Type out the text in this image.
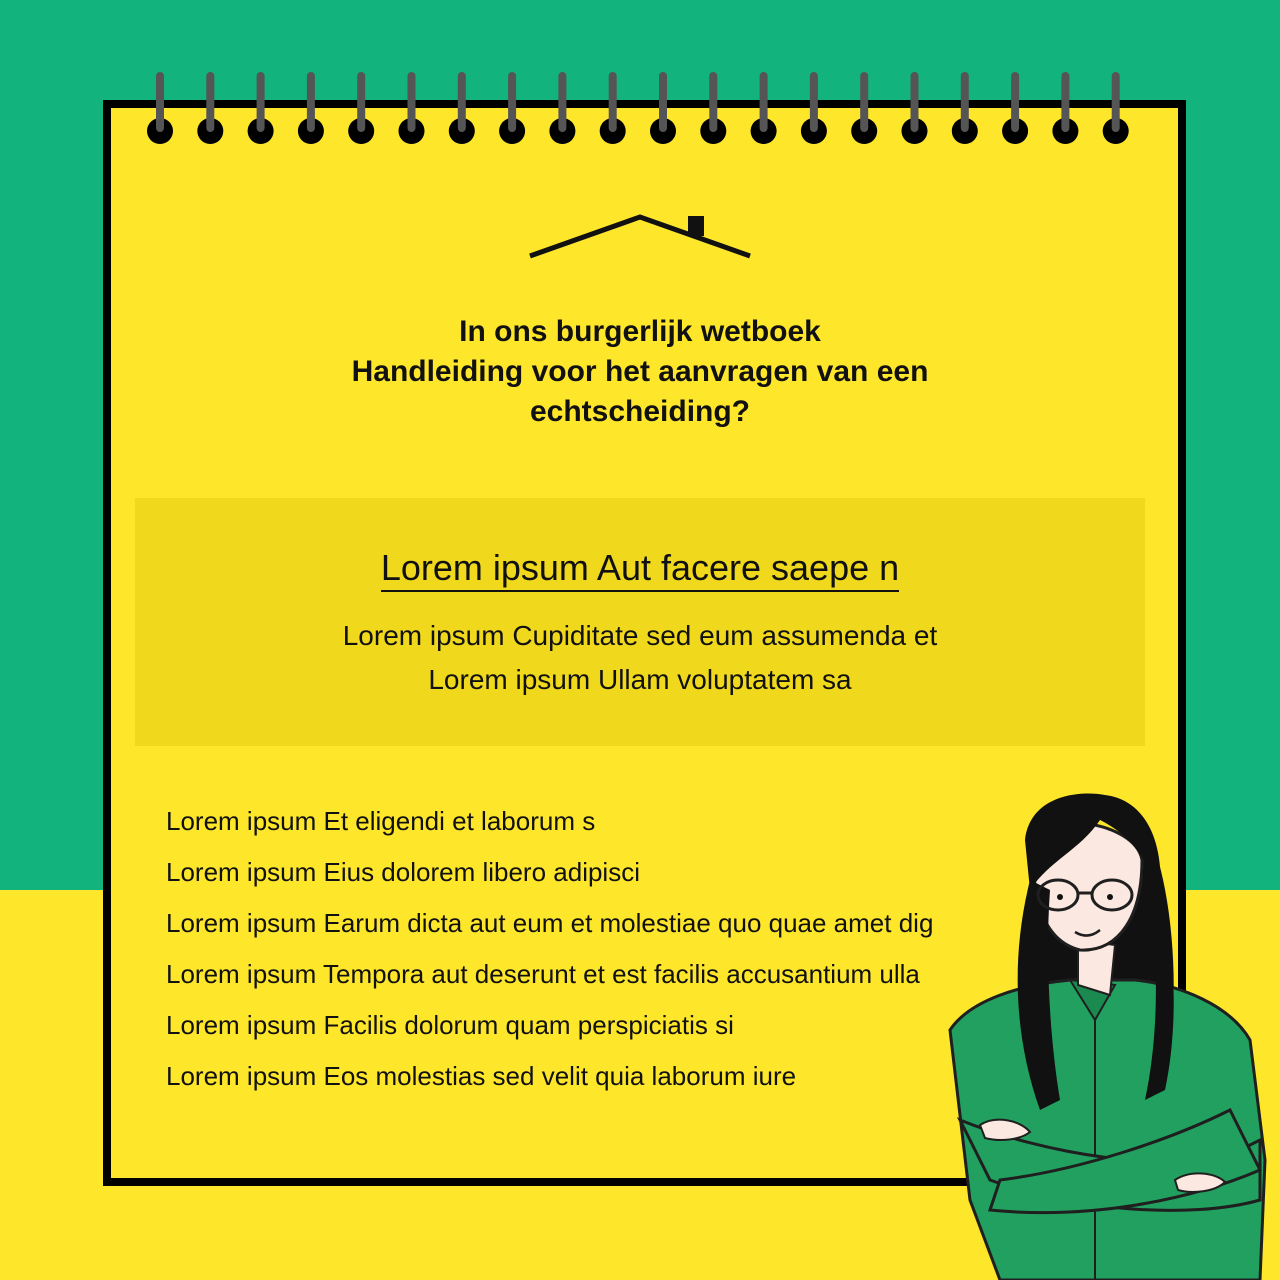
In ons burgerlijk wetboek
Handleiding voor het aanvragen van een
echtscheiding?
Lorem ipsum Aut facere saepe n
Lorem ipsum Cupiditate sed eum assumenda et
Lorem ipsum Ullam voluptatem sa
Lorem ipsum Et eligendi et laborum s
Lorem ipsum Eius dolorem libero adipisci
Lorem ipsum Earum dicta aut eum et molestiae quo quae amet dig
Lorem ipsum Tempora aut deserunt et est facilis accusantium ulla
Lorem ipsum Facilis dolorum quam perspiciatis si
Lorem ipsum Eos molestias sed velit quia laborum iure
